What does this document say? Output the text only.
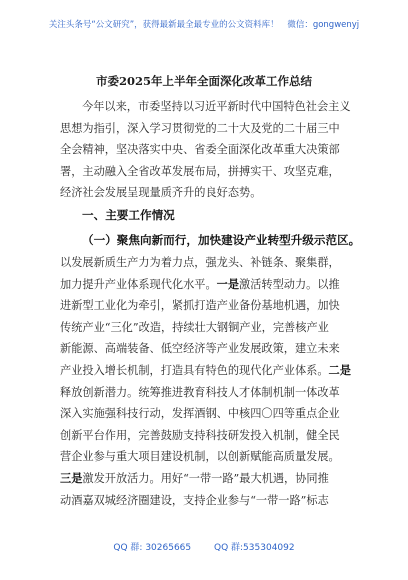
关注头条号“公文研究”，获得最新最全最专业的公文资料库！ 微信：gongwenyj
市委2025年上半年全面深化改革工作总结
今年以来，市委坚持以习近平新时代中国特色社会主义
思想为指引，深入学习贯彻党的二十大及党的二十届三中
全会精神，坚决落实中央、省委全面深化改革重大决策部
署，主动融入全省改革发展布局，拼搏实干、攻坚克难，
经济社会发展呈现量质齐升的良好态势。
一、主要工作情况
（一）聚焦向新而行，加快建设产业转型升级示范区。
以发展新质生产力为着力点，强龙头、补链条、聚集群，
加力提升产业体系现代化水平。一是激活转型动力。以推
进新型工业化为牵引，紧抓打造产业备份基地机遇，加快
传统产业“三化”改造，持续壮大钢铜产业，完善核产业
新能源、高端装备、低空经济等产业发展政策，建立未来
产业投入增长机制，打造具有特色的现代化产业体系。二是
释放创新潜力。统筹推进教育科技人才体制机制一体改革
深入实施强科技行动，发挥酒钢、中核四〇四等重点企业
创新平台作用，完善鼓励支持科技研发投入机制，健全民
营企业参与重大项目建设机制，以创新赋能高质量发展。
三是激发开放活力。用好“一带一路”最大机遇，协同推
动酒嘉双城经济圈建设，支持企业参与“一带一路”标志
QQ 群: 30265665	QQ 群:535304092
